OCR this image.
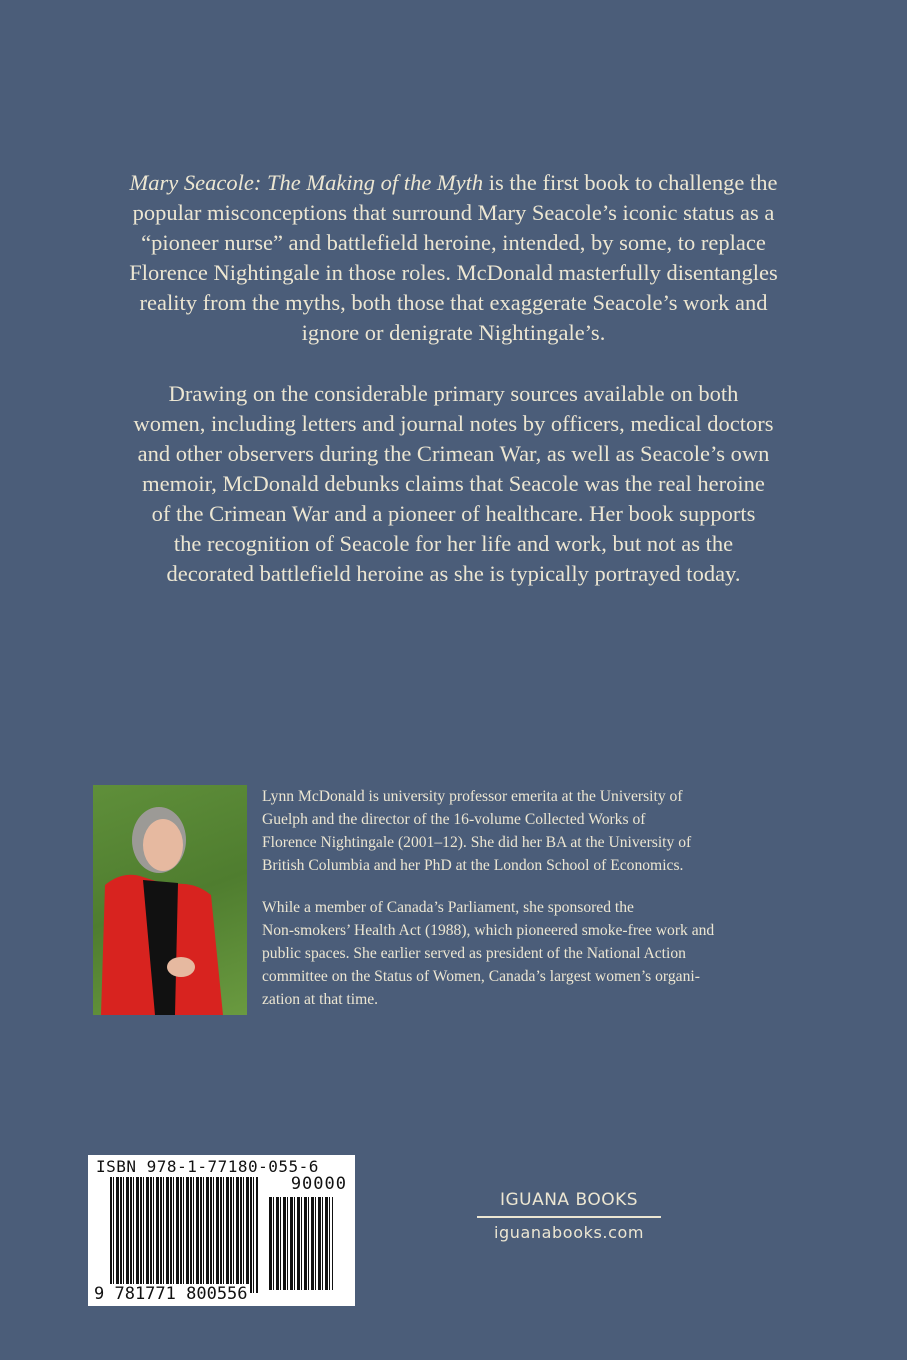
Mary Seacole: The Making of the Myth is the first book to challenge the
popular misconceptions that surround Mary Seacole’s iconic status as a
“pioneer nurse” and battlefield heroine, intended, by some, to replace
Florence Nightingale in those roles. McDonald masterfully disentangles
reality from the myths, both those that exaggerate Seacole’s work and
ignore or denigrate Nightingale’s.
Drawing on the considerable primary sources available on both
women, including letters and journal notes by officers, medical doctors
and other observers during the Crimean War, as well as Seacole’s own
memoir, McDonald debunks claims that Seacole was the real heroine
of the Crimean War and a pioneer of healthcare. Her book supports
the recognition of Seacole for her life and work, but not as the
decorated battlefield heroine as she is typically portrayed today.
Lynn McDonald is university professor emerita at the University of
Guelph and the director of the 16-volume Collected Works of
Florence Nightingale (2001–12). She did her BA at the University of
British Columbia and her PhD at the London School of Economics.
While a member of Canada’s Parliament, she sponsored the
Non-smokers’ Health Act (1988), which pioneered smoke-free work and
public spaces. She earlier served as president of the National Action
committee on the Status of Women, Canada’s largest women’s organi-
zation at that time.
ISBN 978-1-77180-055-6
90000
9 781771 800556
IGUANA BOOKS
iguanabooks.com
